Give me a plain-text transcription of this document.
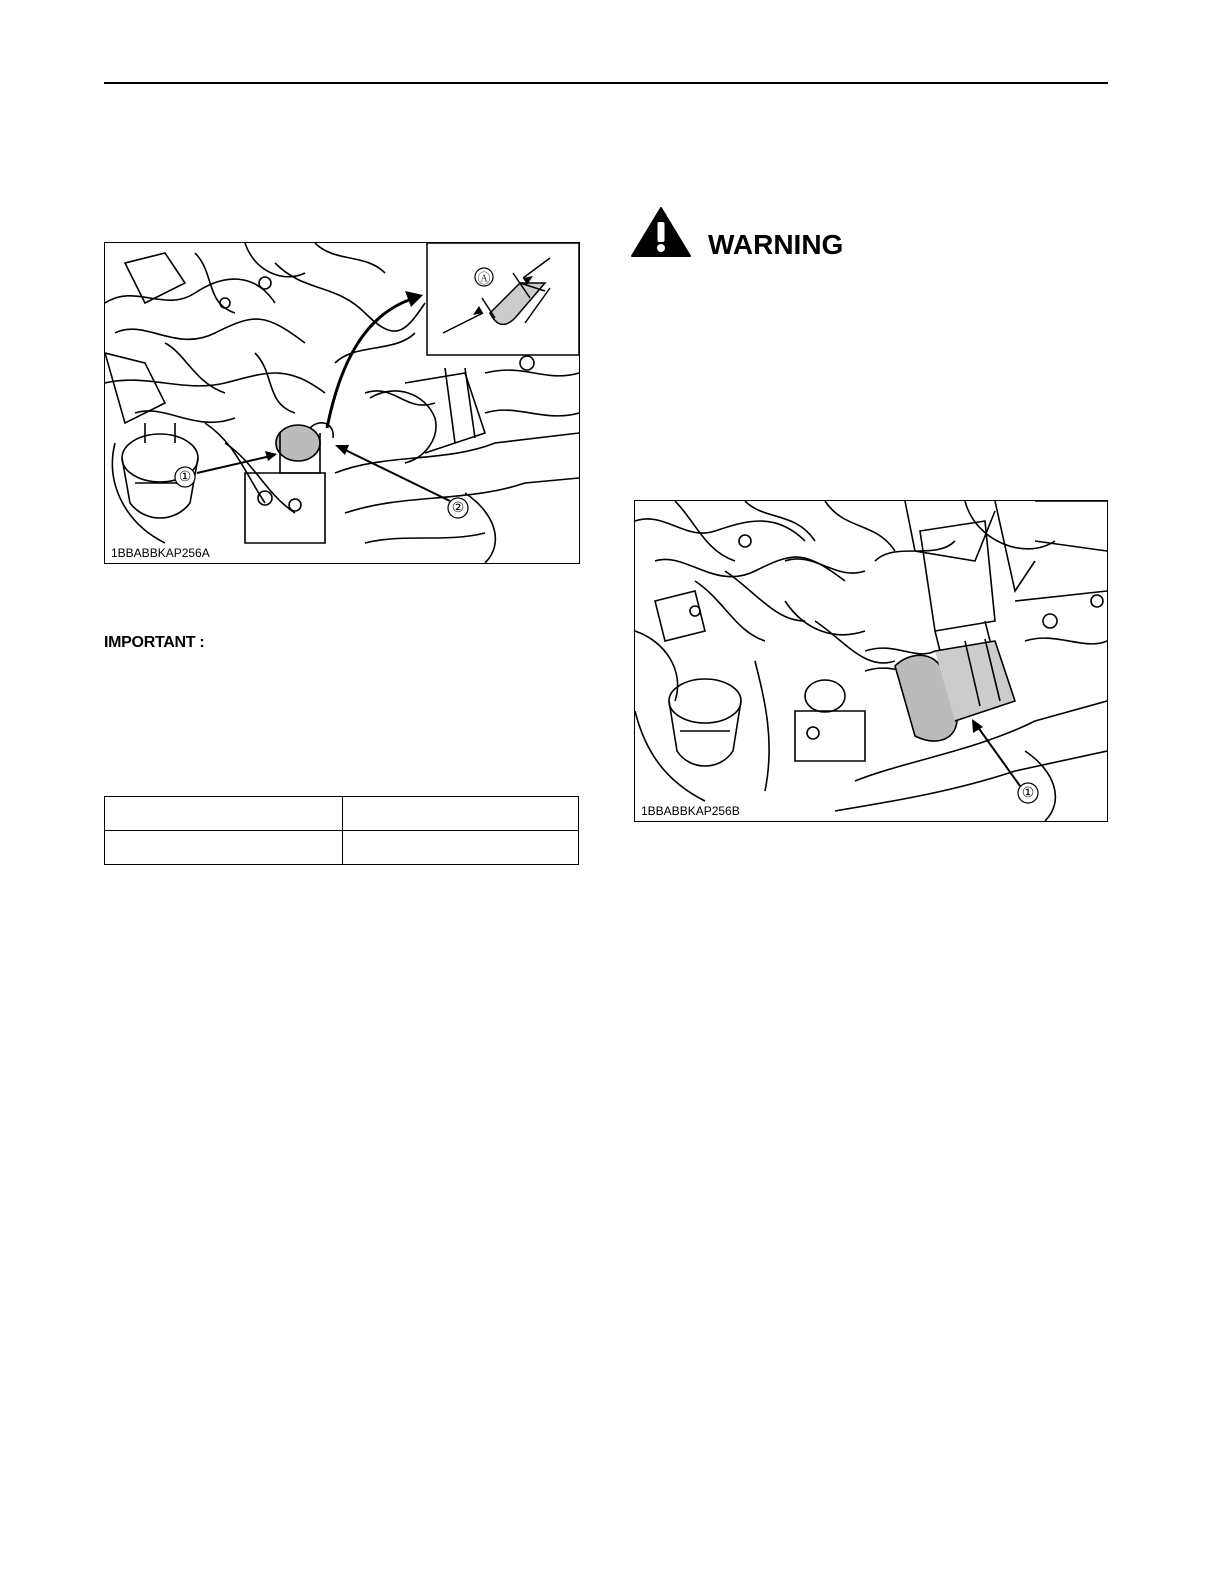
①
②
Ⓐ
1BBABBKAP256A
IMPORTANT :

WARNING
①
1BBABBKAP256B
